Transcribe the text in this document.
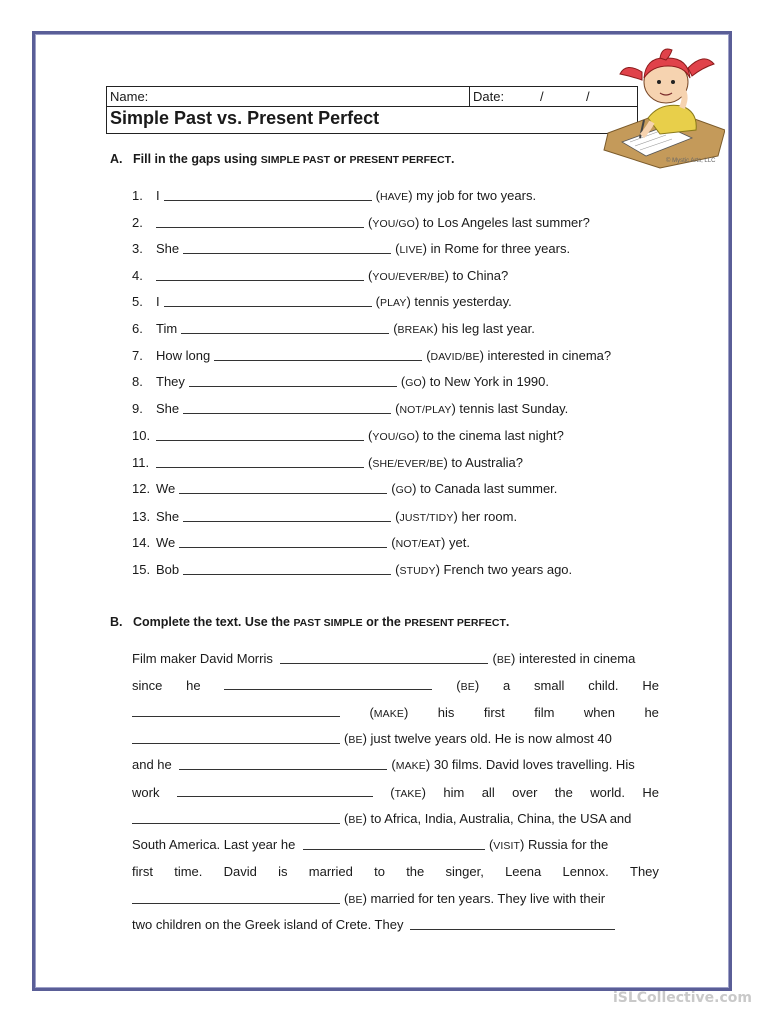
Name:	Date:	/	/
Simple Past vs. Present Perfect
© Mystic Arts, LLC
A. Fill in the gaps using SIMPLE PAST or PRESENT PERFECT.
1. I	(HAVE) my job for two years.
2.	(YOU/GO) to Los Angeles last summer?
3. She	(LIVE) in Rome for three years.
4.	(YOU/EVER/BE) to China?
5. I	(PLAY) tennis yesterday.
6. Tim	(BREAK) his leg last year.
7. How long	(DAVID/BE) interested in cinema?
8. They	(GO) to New York in 1990.
9. She	(NOT/PLAY) tennis last Sunday.
10.	(YOU/GO) to the cinema last night?
11.	(SHE/EVER/BE) to Australia?
12. We	(GO) to Canada last summer.
13. She	(JUST/TIDY) her room.
14. We	(NOT/EAT) yet.
15. Bob	(STUDY) French two years ago.
B. Complete the text. Use the PAST SIMPLE or the PRESENT PERFECT.
Film maker David Morris	(BE) interested in cinema
since he	(BE) a small child. He
(MAKE) his first film when he
(BE) just twelve years old. He is now almost 40
and he	(MAKE) 30 films. David loves travelling. His
work	(TAKE) him all over the world. He
(BE) to Africa, India, Australia, China, the USA and
South America. Last year he	(VISIT) Russia for the
first time. David is married to the singer, Leena Lennox. They
(BE) married for ten years. They live with their
two children on the Greek island of Crete. They
iSLCollective.com
